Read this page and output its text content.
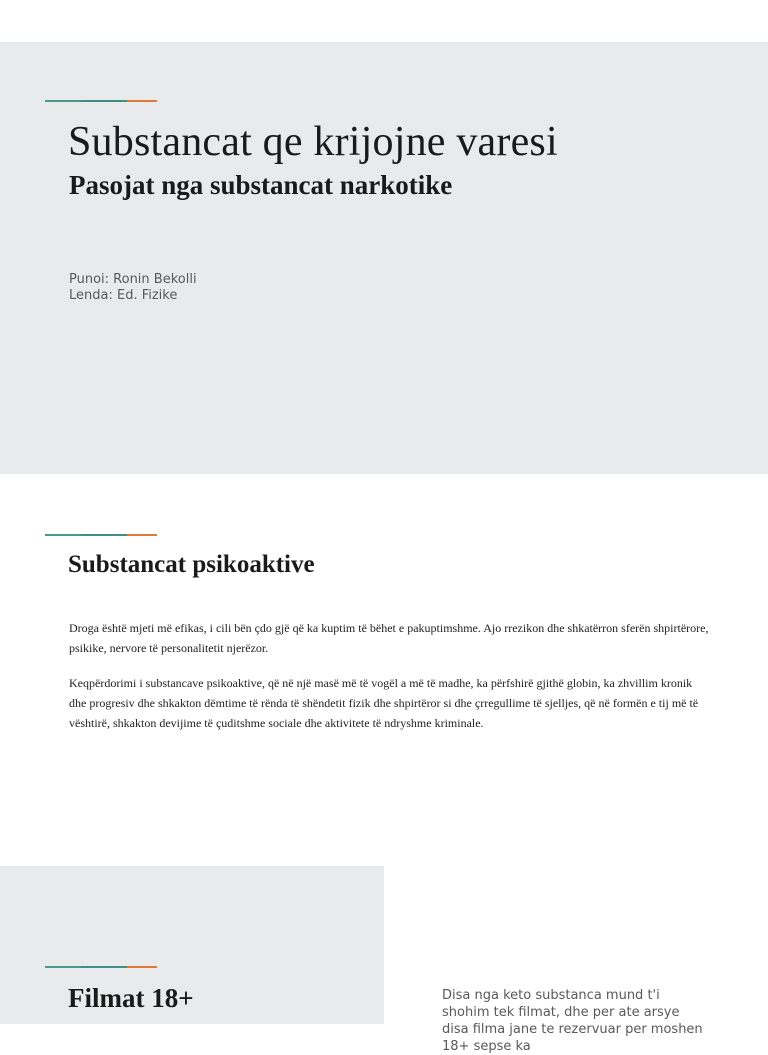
Substancat qe krijojne varesi
Pasojat nga substancat narkotike
Punoi: Ronin Bekolli
Lenda: Ed. Fizike
Substancat psikoaktive

Droga është mjeti më efikas, i cili bën çdo gjë që ka kuptim të bëhet e pakuptimshme. Ajo rrezikon dhe shkatërron sferën shpirtërore, psikike, nervore të personalitetit njerëzor.

Keqpërdorimi i substancave psikoaktive, që në një masë më të vogël a më të madhe, ka përfshirë gjithë globin, ka zhvillim kronik dhe progresiv dhe shkakton dëmtime të rënda të shëndetit fizik dhe shpirtëror si dhe çrregullime të sjelljes, që në formën e tij më të vështirë, shkakton devijime të çuditshme sociale dhe aktivitete të ndryshme kriminale.

Filmat 18+	Disa nga keto substanca mund t'i shohim tek filmat, dhe per ate arsye disa filma jane te rezervuar per moshen 18+ sepse ka
